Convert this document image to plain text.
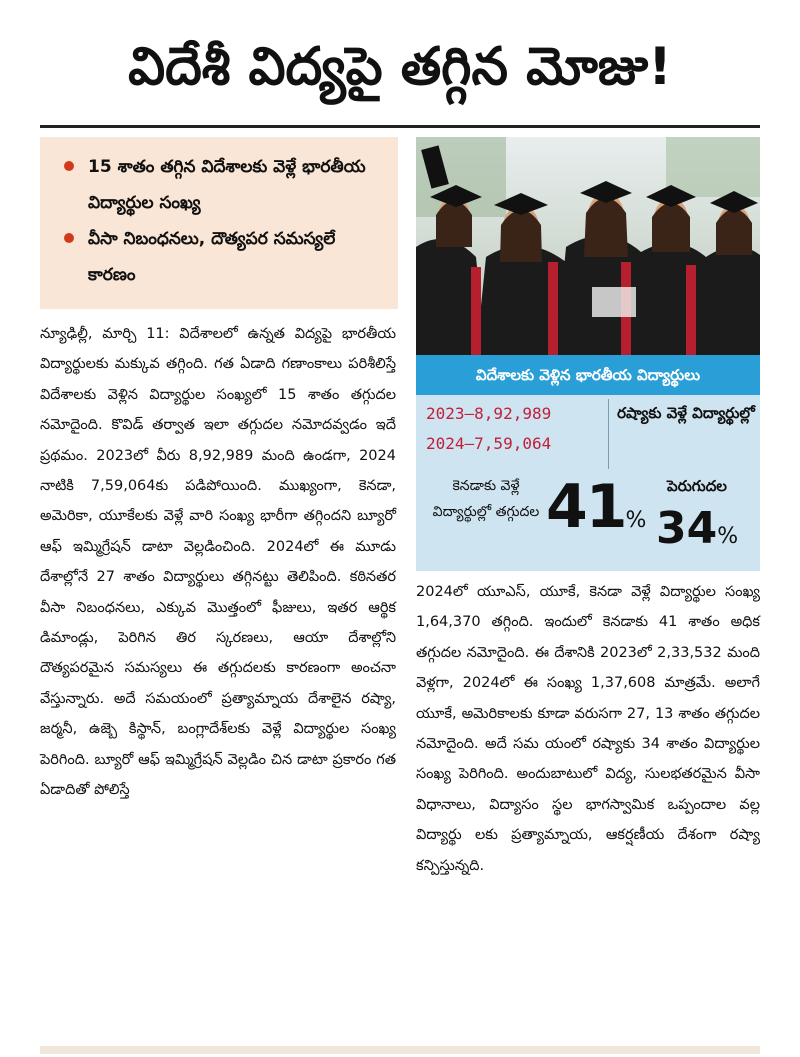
విదేశీ విద్యపై తగ్గిన మోజు!
15 శాతం తగ్గిన విదేశాలకు వెళ్లే భారతీయ విద్యార్థుల సంఖ్య
వీసా నిబంధనలు, దౌత్యపర సమస్యలే కారణం
విదేశాలకు వెళ్లిన భారతీయ విద్యార్థులు
2023–8,92,989
2024–7,59,064
రష్యాకు వెళ్లే విద్యార్థుల్లో
కెనడాకు వెళ్లే విద్యార్థుల్లో తగ్గుదల 41%
పెరుగుదల
34%
న్యూఢిల్లీ, మార్చి 11: విదేశాలలో ఉన్నత విద్యపై భారతీయ విద్యార్థులకు మక్కువ తగ్గింది. గత ఏడాది గణాంకాలు పరిశీలిస్తే విదేశాలకు వెళ్లిన విద్యార్థుల సంఖ్యలో 15 శాతం తగ్గుదల నమోదైంది. కొవిడ్ తర్వాత ఇలా తగ్గుదల నమోదవ్వడం ఇదే ప్రథమం. 2023లో వీరు 8,92,989 మంది ఉండగా, 2024 నాటికి 7,59,064కు పడిపోయింది. ముఖ్యంగా, కెనడా, అమెరికా, యూకేలకు వెళ్లే వారి సంఖ్య భారీగా తగ్గిందని బ్యూరో ఆఫ్ ఇమ్మిగ్రేషన్ డాటా వెల్లడించింది. 2024లో ఈ మూడు దేశాల్లోనే 27 శాతం విద్యార్థులు తగ్గినట్టు తెలిపింది. కఠినతర వీసా నిబంధనలు, ఎక్కువ మొత్తంలో ఫీజులు, ఇతర ఆర్థిక డిమాండ్లు, పెరిగిన తిర స్కరణలు, ఆయా దేశాల్లోని దౌత్యపరమైన సమస్యలు ఈ తగ్గుదలకు కారణంగా అంచనా వేస్తున్నారు. అదే సమయంలో ప్రత్యామ్నాయ దేశాలైన రష్యా, జర్మనీ, ఉజ్బె కిస్థాన్, బంగ్లాదేశ్‌లకు వెళ్లే విద్యార్థుల సంఖ్య పెరిగింది. బ్యూరో ఆఫ్ ఇమ్మిగ్రేషన్ వెల్లడిం చిన డాటా ప్రకారం గత ఏడాదితో పోలిస్తే
2024లో యూఎస్, యూకే, కెనడా వెళ్లే విద్యార్థుల సంఖ్య 1,64,370 తగ్గింది. ఇందులో కెనడాకు 41 శాతం అధిక తగ్గుదల నమోదైంది. ఈ దేశానికి 2023లో 2,33,532 మంది వెళ్లగా, 2024లో ఈ సంఖ్య 1,37,608 మాత్రమే. అలాగే యూకే, అమెరికాలకు కూడా వరుసగా 27, 13 శాతం తగ్గుదల నమోదైంది. అదే సమ యంలో రష్యాకు 34 శాతం విద్యార్థుల సంఖ్య పెరిగింది. అందుబాటులో విద్య, సులభతరమైన వీసా విధానాలు, విద్యాసం స్థల భాగస్వామిక ఒప్పందాల వల్ల విద్యార్థు లకు ప్రత్యామ్నాయ, ఆకర్షణీయ దేశంగా రష్యా కన్పిస్తున్నది.
